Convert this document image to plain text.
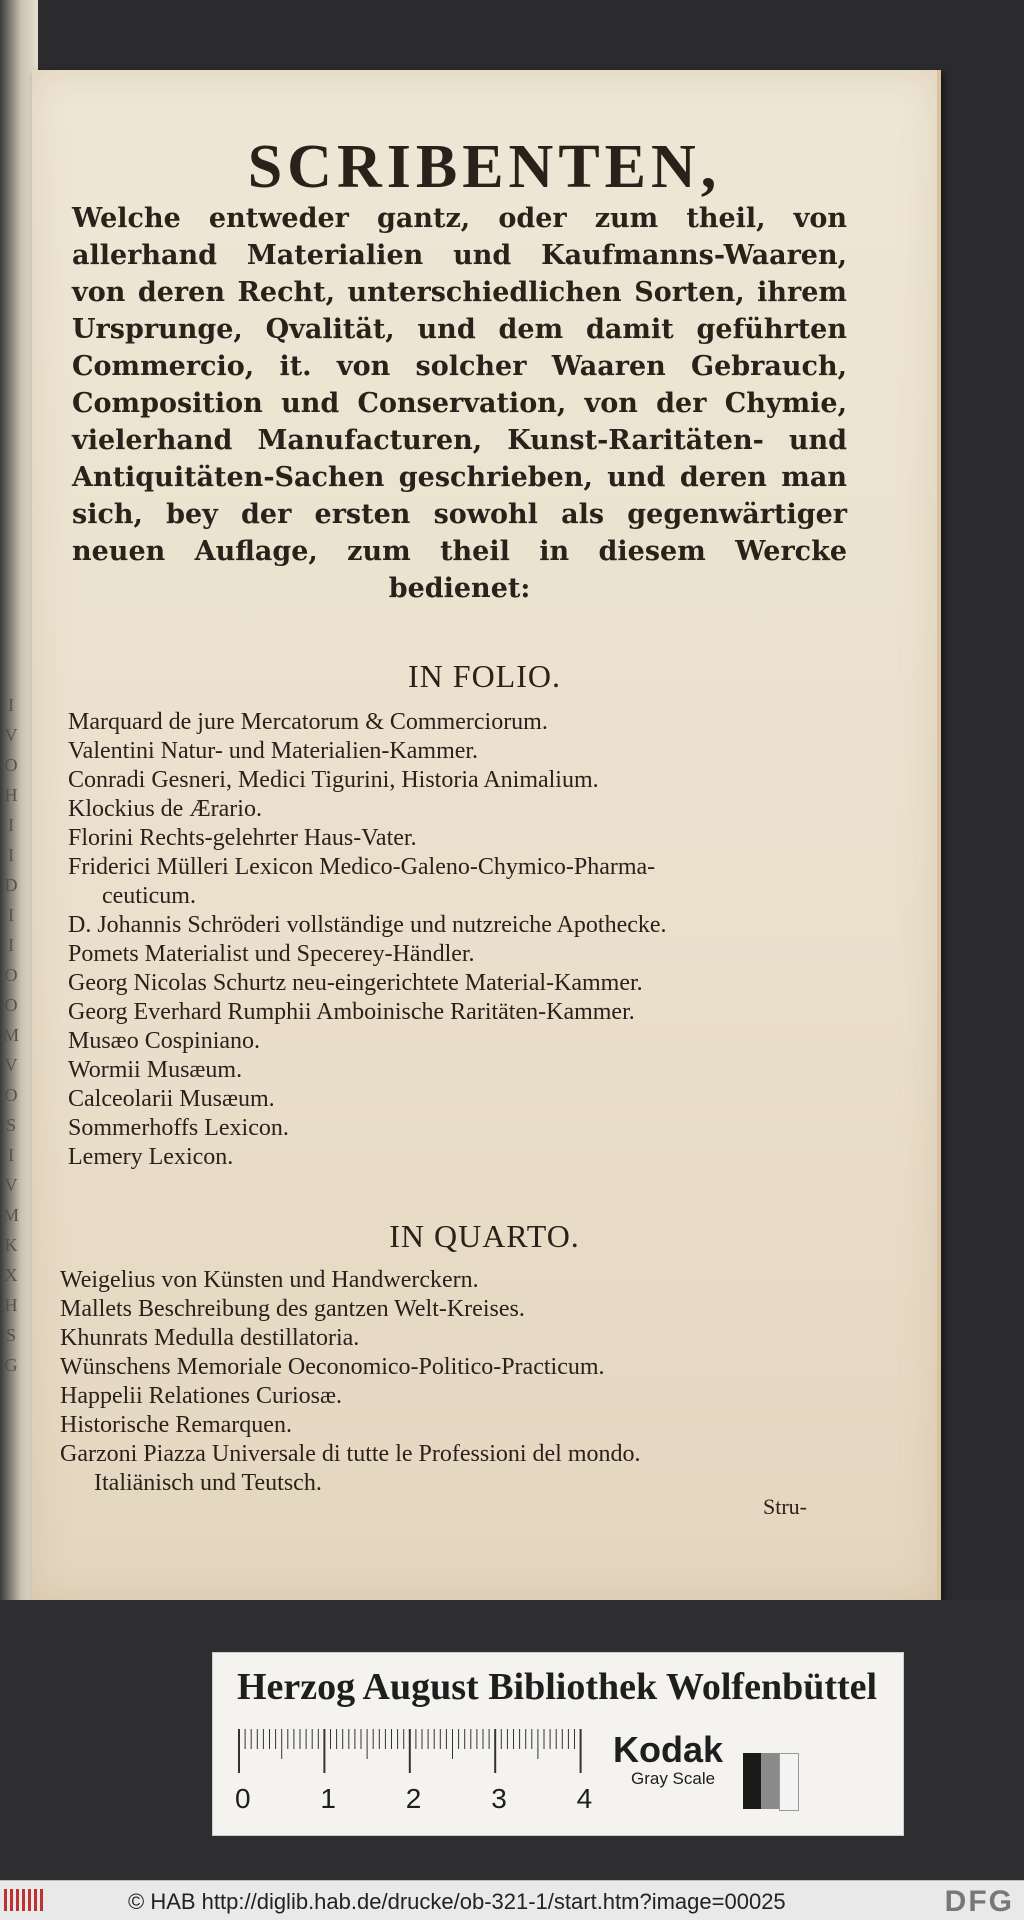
I
V
O
H
I
I
D
I
I
O
O
M
V
O
S
I
V
M
K
X
H
S
G
SCRIBENTEN,
Welche entweder gantz, oder zum theil, von allerhand Materialien und Kaufmanns-Waaren, von deren Recht, unterschiedlichen Sorten, ihrem Ursprunge, Qvalität, und dem damit geführten Commercio, it. von solcher Waaren Gebrauch, Composition und Conservation, von der Chymie, vielerhand Manufacturen, Kunst-Raritäten- und Antiquitäten-Sachen geschrieben, und deren man sich, bey der ersten sowohl als gegenwärtiger neuen Auflage, zum theil in diesem Wercke bedienet:
IN FOLIO.
Marquard de jure Mercatorum & Commerciorum.
Valentini Natur- und Materialien-Kammer.
Conradi Gesneri, Medici Tigurini, Historia Animalium.
Klockius de Ærario.
Florini Rechts-gelehrter Haus-Vater.
Friderici Mülleri Lexicon Medico-Galeno-Chymico-Pharma-
ceuticum.
D. Johannis Schröderi vollständige und nutzreiche Apothecke.
Pomets Materialist und Specerey-Händler.
Georg Nicolas Schurtz neu-eingerichtete Material-Kammer.
Georg Everhard Rumphii Amboinische Raritäten-Kammer.
Musæo Cospiniano.
Wormii Musæum.
Calceolarii Musæum.
Sommerhoffs Lexicon.
Lemery Lexicon.
IN QUARTO.
Weigelius von Künsten und Handwerckern.
Mallets Beschreibung des gantzen Welt-Kreises.
Khunrats Medulla destillatoria.
Wünschens Memoriale Oeconomico-Politico-Practicum.
Happelii Relationes Curiosæ.
Historische Remarquen.
Garzoni Piazza Universale di tutte le Professioni del mondo.
Italiänisch und Teutsch.
Stru-
Herzog August Bibliothek Wolfenbüttel
0 1 2 3 4
Kodak
Gray Scale
© HAB http://diglib.hab.de/drucke/ob-321-1/start.htm?image=00025	DFG
